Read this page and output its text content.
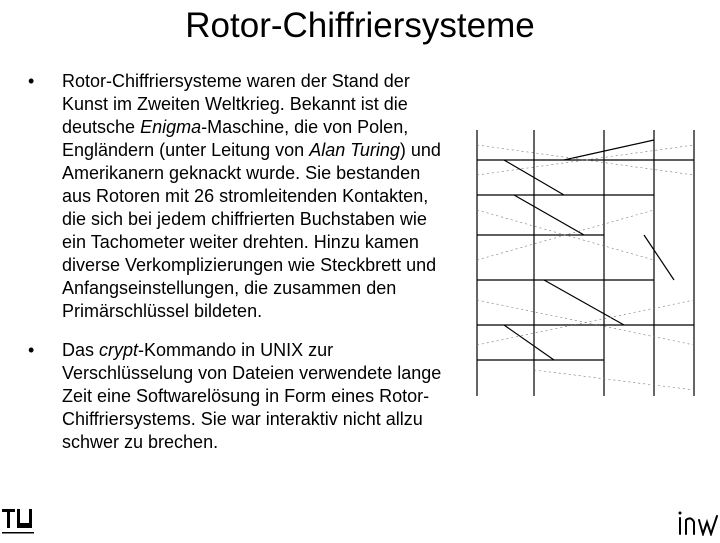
Rotor-Chiffriersysteme
• Rotor-Chiffriersysteme waren der Stand der Kunst im Zweiten Weltkrieg. Bekannt ist die deutsche Enigma-Maschine, die von Polen, Engländern (unter Leitung von Alan Turing) und Amerikanern geknackt wurde. Sie bestanden aus Rotoren mit 26 stromleitenden Kontakten, die sich bei jedem chiffrierten Buchstaben wie ein Tachometer weiter drehten. Hinzu kamen diverse Verkomplizierungen wie Steckbrett und Anfangseinstellungen, die zusammen den Primärschlüssel bildeten.
• Das crypt-Kommando in UNIX zur Verschlüsselung von Dateien verwendete lange Zeit eine Softwarelösung in Form eines Rotor-Chiffriersystems. Sie war interaktiv nicht allzu schwer zu brechen.
